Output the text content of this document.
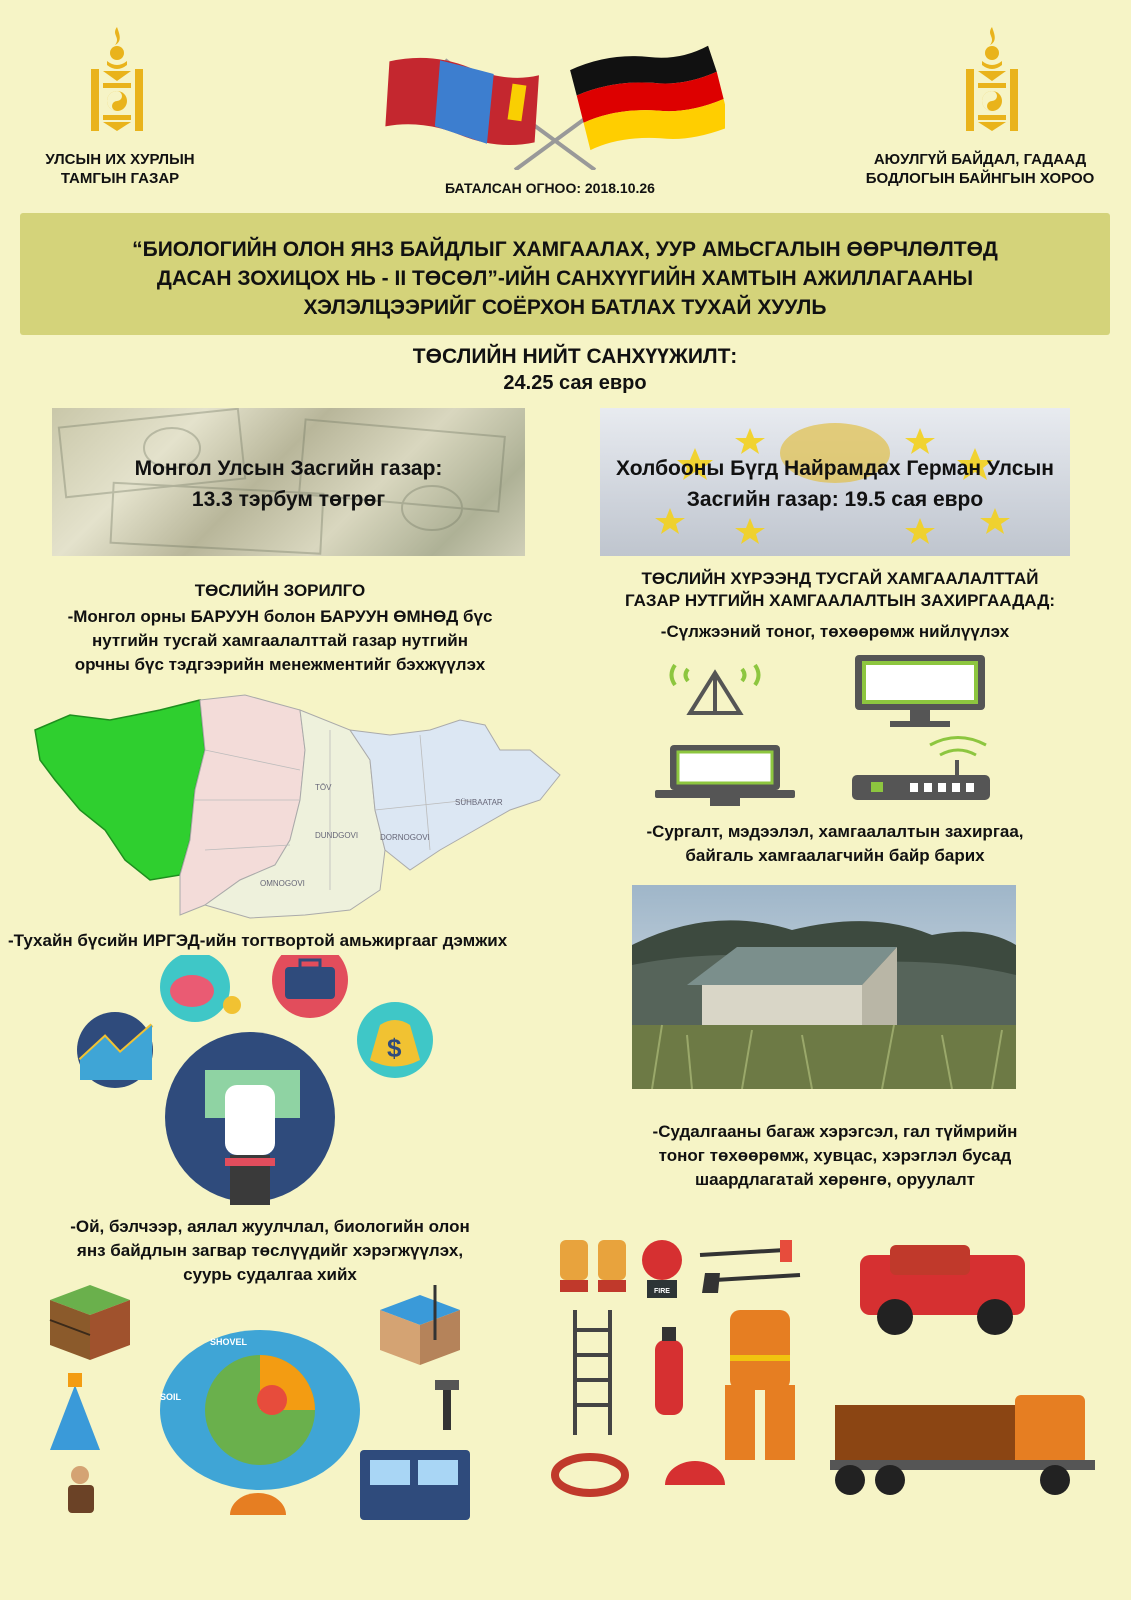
УЛСЫН ИХ ХУРЛЫН
ТАМГЫН ГАЗАР
БАТАЛСАН ОГНОО: 2018.10.26
АЮУЛГҮЙ БАЙДАЛ, ГАДААД
БОДЛОГЫН БАЙНГЫН ХОРОО
“БИОЛОГИЙН ОЛОН ЯНЗ БАЙДЛЫГ ХАМГААЛАХ, УУР АМЬСГАЛЫН ӨӨРЧЛӨЛТӨД
ДАСАН ЗОХИЦОХ НЬ - II ТӨСӨЛ”-ИЙН САНХҮҮГИЙН ХАМТЫН АЖИЛЛАГААНЫ
ХЭЛЭЛЦЭЭРИЙГ СОЁРХОН БАТЛАХ ТУХАЙ ХУУЛЬ
ТӨСЛИЙН НИЙТ САНХҮҮЖИЛТ:
24.25 сая евро
Монгол Улсын Засгийн газар:
13.3 тэрбум төгрөг
Холбооны Бүгд Найрамдах Герман Улсын
Засгийн газар: 19.5 сая евро
ТӨСЛИЙН ЗОРИЛГО
-Монгол орны БАРУУН болон БАРУУН ӨМНӨД бүс
нутгийн тусгай хамгаалалттай газар нутгийн
орчны бүс тэдгээрийн менежментийг бэхжүүлэх
OMNOGOVI
DUNDGOVI	DORNOGOVI
TÖV
SÜHBAATAR
-Тухайн бүсийн ИРГЭД-ийн тогтвортой амьжиргааг дэмжих
$
-Ой, бэлчээр, аялал жуулчлал, биологийн олон
янз байдлын загвар төслүүдийг хэрэгжүүлэх,
суурь судалгаа хийх
SHOVEL
SOIL
ТӨСЛИЙН ХҮРЭЭНД ТУСГАЙ ХАМГААЛАЛТТАЙ
ГАЗАР НУТГИЙН ХАМГААЛАЛТЫН ЗАХИРГААДАД:
-Сүлжээний тоног, төхөөрөмж нийлүүлэх
-Сургалт, мэдээлэл, хамгаалалтын захиргаа,
байгаль хамгаалагчийн байр барих
-Судалгааны багаж хэрэгсэл, гал түймрийн
тоног төхөөрөмж, хувцас, хэрэглэл бусад
шаардлагатай хөрөнгө, оруулалт
FIRE
